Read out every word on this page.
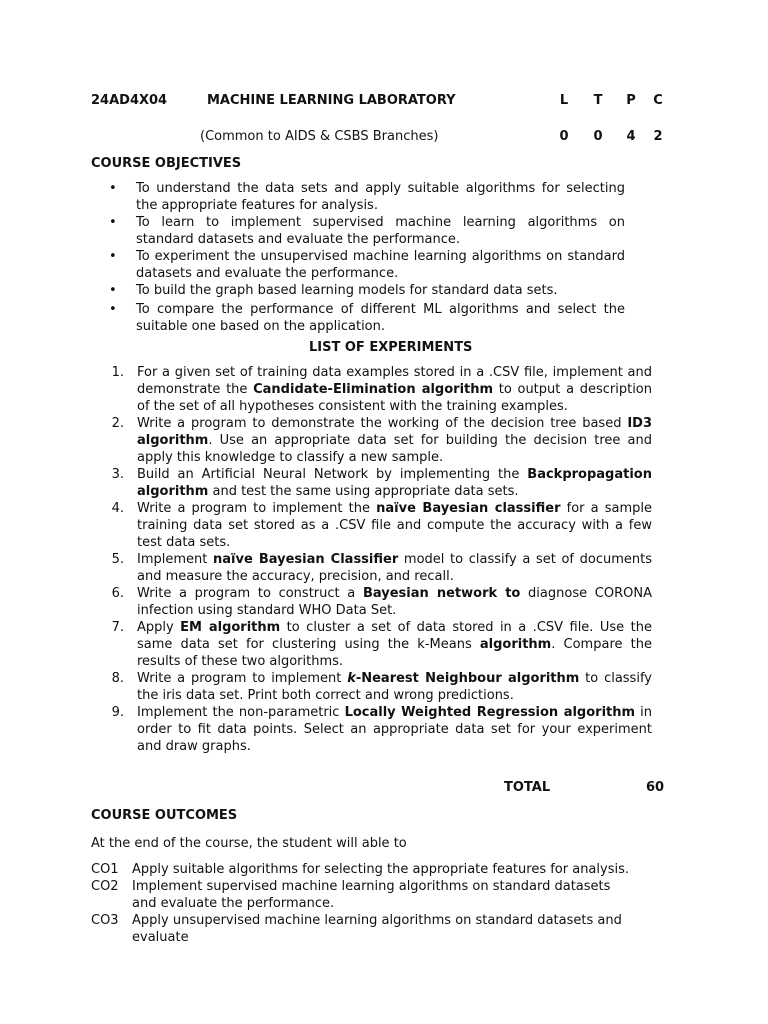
24AD4X04	MACHINE LEARNING LABORATORY	L	T	P	C
(Common to AIDS & CSBS Branches)	0	0	4	2
COURSE OBJECTIVES
• To understand the data sets and apply suitable algorithms for selecting the appropriate features for analysis.
• To learn to implement supervised machine learning algorithms on standard datasets and evaluate the performance.
• To experiment the unsupervised machine learning algorithms on standard datasets and evaluate the performance.
• To build the graph based learning models for standard data sets.
• To compare the performance of different ML algorithms and select the suitable one based on the application.
LIST OF EXPERIMENTS
1. For a given set of training data examples stored in a .CSV file, implement and demonstrate the Candidate-Elimination algorithm to output a description of the set of all hypotheses consistent with the training examples.
2. Write a program to demonstrate the working of the decision tree based ID3 algorithm. Use an appropriate data set for building the decision tree and apply this knowledge to classify a new sample.
3. Build an Artificial Neural Network by implementing the Backpropagation algorithm and test the same using appropriate data sets.
4. Write a program to implement the naïve Bayesian classifier for a sample training data set stored as a .CSV file and compute the accuracy with a few test data sets.
5. Implement naïve Bayesian Classifier model to classify a set of documents and measure the accuracy, precision, and recall.
6. Write a program to construct a Bayesian network to diagnose CORONA infection using standard WHO Data Set.
7. Apply EM algorithm to cluster a set of data stored in a .CSV file. Use the same data set for clustering using the k-Means algorithm. Compare the results of these two algorithms.
8. Write a program to implement k-Nearest Neighbour algorithm to classify the iris data set. Print both correct and wrong predictions.
9. Implement the non-parametric Locally Weighted Regression algorithm in order to fit data points. Select an appropriate data set for your experiment and draw graphs.
TOTAL	60
COURSE OUTCOMES
At the end of the course, the student will able to
CO1 Apply suitable algorithms for selecting the appropriate features for analysis.
CO2 Implement supervised machine learning algorithms on standard datasets and evaluate the performance.
CO3 Apply unsupervised machine learning algorithms on standard datasets and evaluate
